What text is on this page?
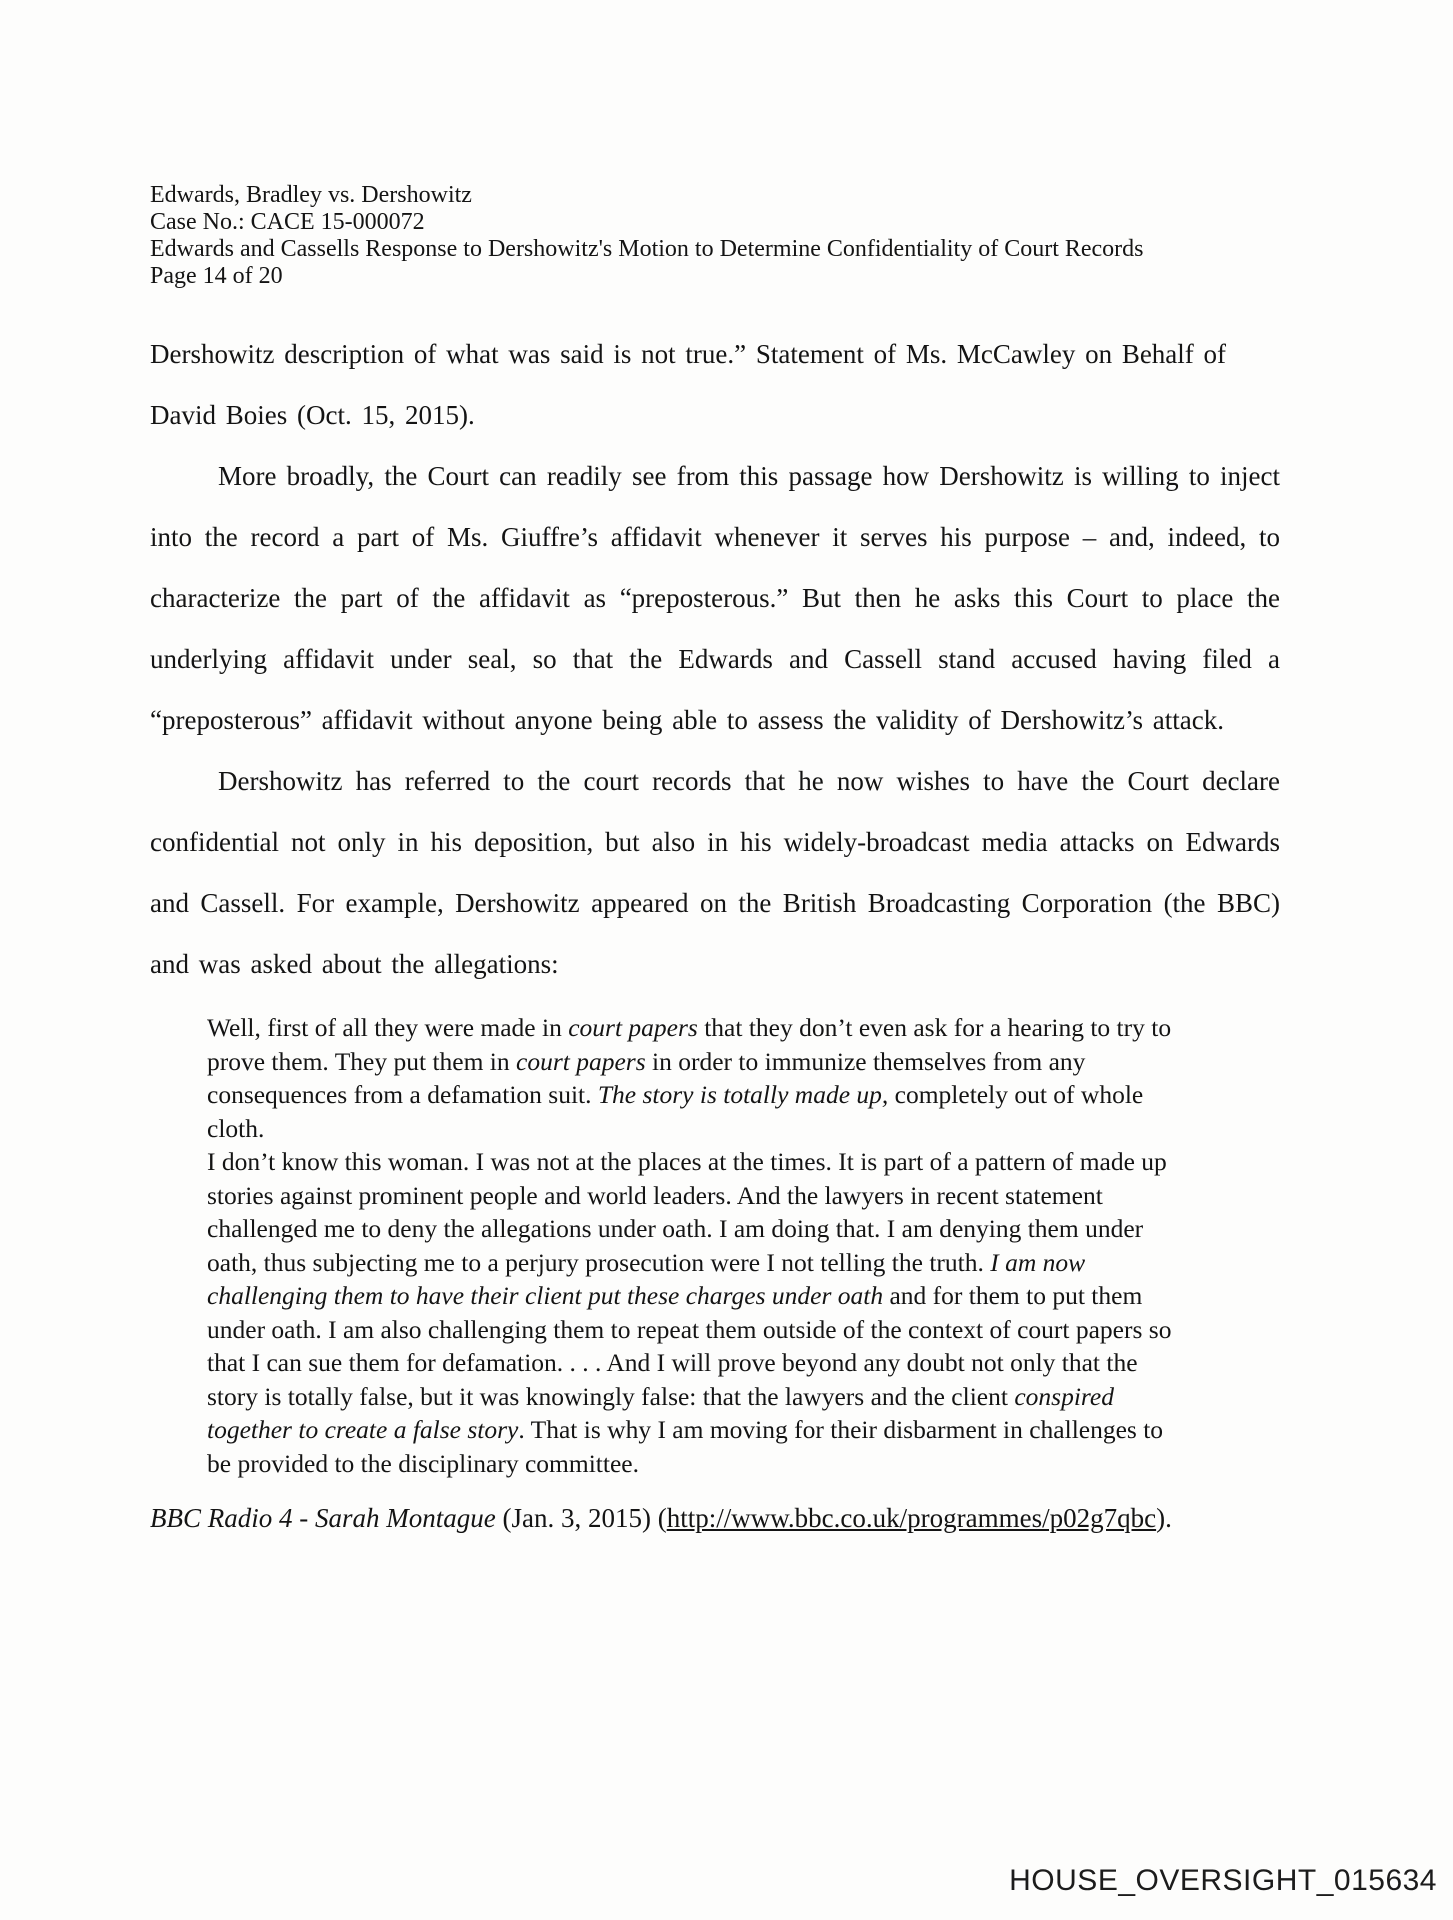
Edwards, Bradley vs. Dershowitz
Case No.: CACE 15-000072
Edwards and Cassells Response to Dershowitz's Motion to Determine Confidentiality of Court Records
Page 14 of 20

Dershowitz description of what was said is not true.” Statement of Ms. McCawley on Behalf of David Boies (Oct. 15, 2015).

More broadly, the Court can readily see from this passage how Dershowitz is willing to inject into the record a part of Ms. Giuffre’s affidavit whenever it serves his purpose – and, indeed, to characterize the part of the affidavit as “preposterous.” But then he asks this Court to place the underlying affidavit under seal, so that the Edwards and Cassell stand accused having filed a “preposterous” affidavit without anyone being able to assess the validity of Dershowitz’s attack.

Dershowitz has referred to the court records that he now wishes to have the Court declare confidential not only in his deposition, but also in his widely-broadcast media attacks on Edwards and Cassell. For example, Dershowitz appeared on the British Broadcasting Corporation (the BBC) and was asked about the allegations:

Well, first of all they were made in court papers that they don’t even ask for a hearing to try to prove them. They put them in court papers in order to immunize themselves from any consequences from a defamation suit. The story is totally made up, completely out of whole cloth.
I don’t know this woman. I was not at the places at the times. It is part of a pattern of made up stories against prominent people and world leaders. And the lawyers in recent statement challenged me to deny the allegations under oath. I am doing that. I am denying them under oath, thus subjecting me to a perjury prosecution were I not telling the truth. I am now challenging them to have their client put these charges under oath and for them to put them under oath. I am also challenging them to repeat them outside of the context of court papers so that I can sue them for defamation. . . . And I will prove beyond any doubt not only that the story is totally false, but it was knowingly false: that the lawyers and the client conspired together to create a false story. That is why I am moving for their disbarment in challenges to be provided to the disciplinary committee.

BBC Radio 4 - Sarah Montague (Jan. 3, 2015) (http://www.bbc.co.uk/programmes/p02g7qbc).

HOUSE_OVERSIGHT_015634
